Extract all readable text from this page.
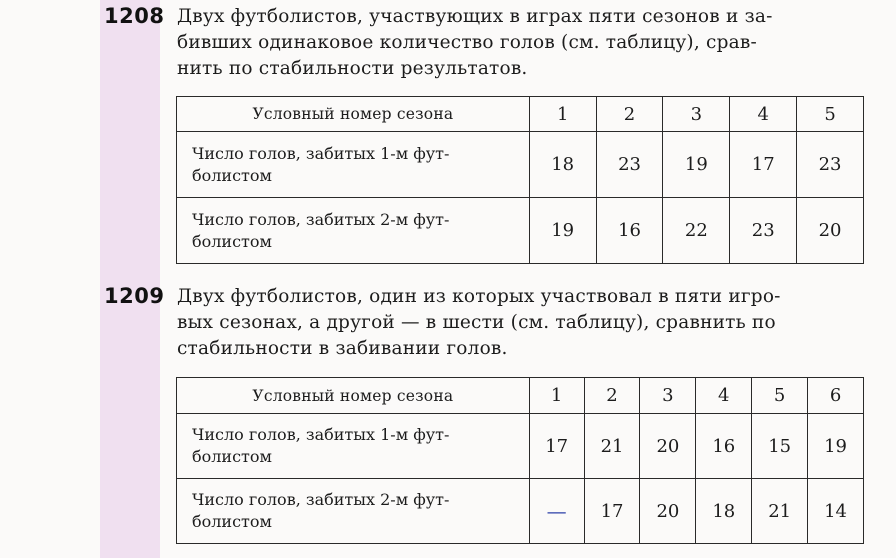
1208 Двух футболистов, участвующих в играх пяти сезонов и за-
бивших одинаковое количество голов (см. таблицу), срав-
нить по стабильности результатов.
Условный номер сезона	1	2	3	4	5

Число голов, забитых 1-м фут-
болистом	18	23	19	17	23

Число голов, забитых 2-м фут-
болистом	19	16	22	23	20
1209 Двух футболистов, один из которых участвовал в пяти игро-
вых сезонах, а другой — в шести (см. таблицу), сравнить по
стабильности в забивании голов.
Условный номер сезона	1	2	3	4	5	6

Число голов, забитых 1-м фут-
болистом	17	21	20	16	15	19

Число голов, забитых 2-м фут-
болистом	—	17	20	18	21	14
